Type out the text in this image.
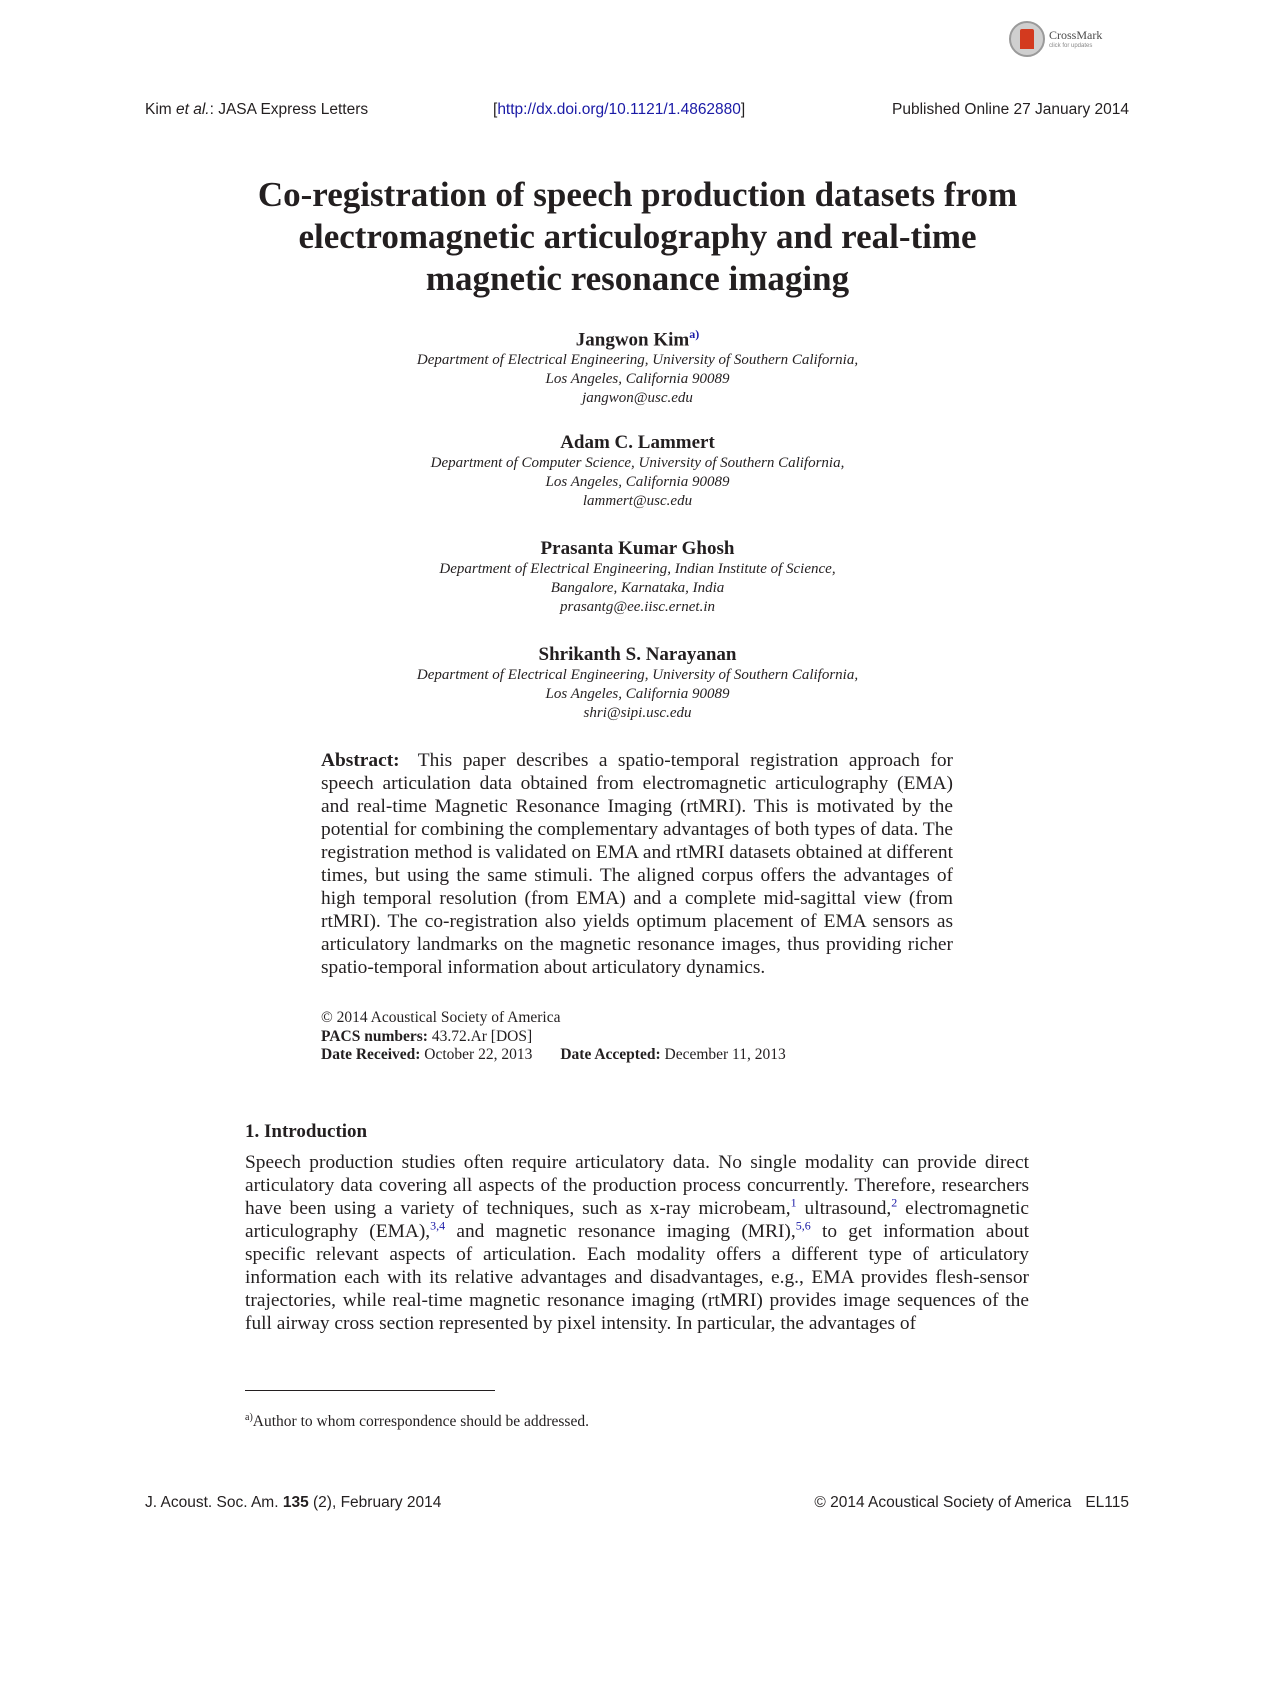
CrossMark
click for updates
Kim et al.: JASA Express Letters	[http://dx.doi.org/10.1121/1.4862880]	Published Online 27 January 2014
Co-registration of speech production datasets from
electromagnetic articulography and real-time
magnetic resonance imaging
Jangwon Kim$^{a)}$
Department of Electrical Engineering, University of Southern California,
Los Angeles, California 90089
jangwon@usc.edu
Adam C. Lammert
Department of Computer Science, University of Southern California,
Los Angeles, California 90089
lammert@usc.edu
Prasanta Kumar Ghosh
Department of Electrical Engineering, Indian Institute of Science,
Bangalore, Karnataka, India
prasantg@ee.iisc.ernet.in
Shrikanth S. Narayanan
Department of Electrical Engineering, University of Southern California,
Los Angeles, California 90089
shri@sipi.usc.edu

Abstract: This paper describes a spatio-temporal registration approach for speech articulation data obtained from electromagnetic articulography (EMA) and real-time Magnetic Resonance Imaging (rtMRI). This is motivated by the potential for combining the complementary advantages of both types of data. The registration method is validated on EMA and rtMRI datasets obtained at different times, but using the same stimuli. The aligned corpus offers the advantages of high temporal resolution (from EMA) and a complete mid-sagittal view (from rtMRI). The co-registration also yields optimum placement of EMA sensors as articulatory landmarks on the magnetic resonance images, thus providing richer spatio-temporal information about articulatory dynamics.

© 2014 Acoustical Society of America
PACS numbers: 43.72.Ar [DOS]
Date Received: October 22, 2013 Date Accepted: December 11, 2013
1. Introduction

Speech production studies often require articulatory data. No single modality can provide direct articulatory data covering all aspects of the production process concurrently. Therefore, researchers have been using a variety of techniques, such as x-ray microbeam,$^1$ ultrasound,$^2$ electromagnetic articulography (EMA),$^{3,4}$ and magnetic resonance imaging (MRI),$^{5,6}$ to get information about specific relevant aspects of articulation. Each modality offers a different type of articulatory information each with its relative advantages and disadvantages, e.g., EMA provides flesh-sensor trajectories, while real-time magnetic resonance imaging (rtMRI) provides image sequences of the full airway cross section represented by pixel intensity. In particular, the advantages of

$^{a)}$Author to whom correspondence should be addressed.
J. Acoust. Soc. Am. 135 (2), February 2014	© 2014 Acoustical Society of America EL115
